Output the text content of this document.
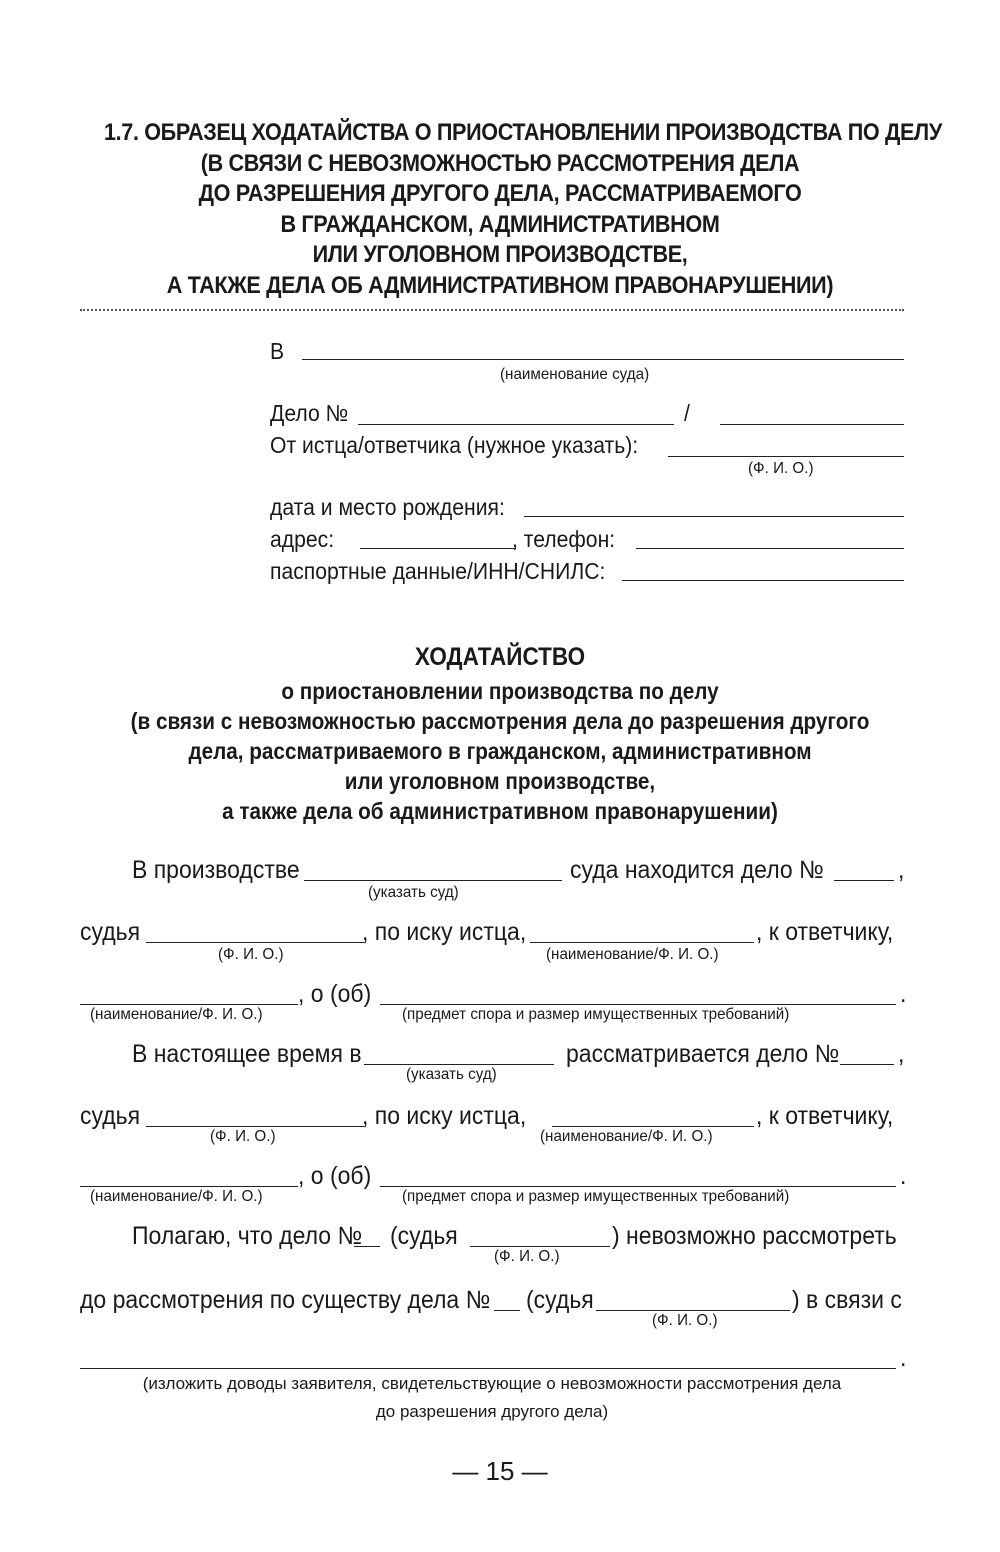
1.7. ОБРАЗЕЦ ХОДАТАЙСТВА О ПРИОСТАНОВЛЕНИИ ПРОИЗВОДСТВА ПО ДЕЛУ
(В СВЯЗИ С НЕВОЗМОЖНОСТЬЮ РАССМОТРЕНИЯ ДЕЛА
ДО РАЗРЕШЕНИЯ ДРУГОГО ДЕЛА, РАССМАТРИВАЕМОГО
В ГРАЖДАНСКОМ, АДМИНИСТРАТИВНОМ
ИЛИ УГОЛОВНОМ ПРОИЗВОДСТВЕ,
А ТАКЖЕ ДЕЛА ОБ АДМИНИСТРАТИВНОМ ПРАВОНАРУШЕНИИ)
В
(наименование суда)
Дело №	/
От истца/ответчика (нужное указать):
(Ф. И. О.)
дата и место рождения:
адрес:	, телефон:
паспортные данные/ИНН/СНИЛС:
ХОДАТАЙСТВО
о приостановлении производства по делу
(в связи с невозможностью рассмотрения дела до разрешения другого
дела, рассматриваемого в гражданском, административном
или уголовном производстве,
а также дела об административном правонарушении)
В производстве
(указать суд)
суда находится дело №	,
судья
(Ф. И. О.)
, по иску истца,
(наименование/Ф. И. О.)
, к ответчику,
(наименование/Ф. И. О.)
, о (об)
(предмет спора и размер имущественных требований)
.
В настоящее время в
(указать суд)
рассматривается дело № ,
судья
(Ф. И. О.)
, по иску истца,
(наименование/Ф. И. О.)
, к ответчику,
(наименование/Ф. И. О.)
, о (об)
(предмет спора и размер имущественных требований)
.
Полагаю, что дело № (судья
(Ф. И. О.)
) невозможно рассмотреть
до рассмотрения по существу дела № (судья
(Ф. И. О.)
) в связи с
.
(изложить доводы заявителя, свидетельствующие о невозможности рассмотрения дела
до разрешения другого дела)
— 15 —
